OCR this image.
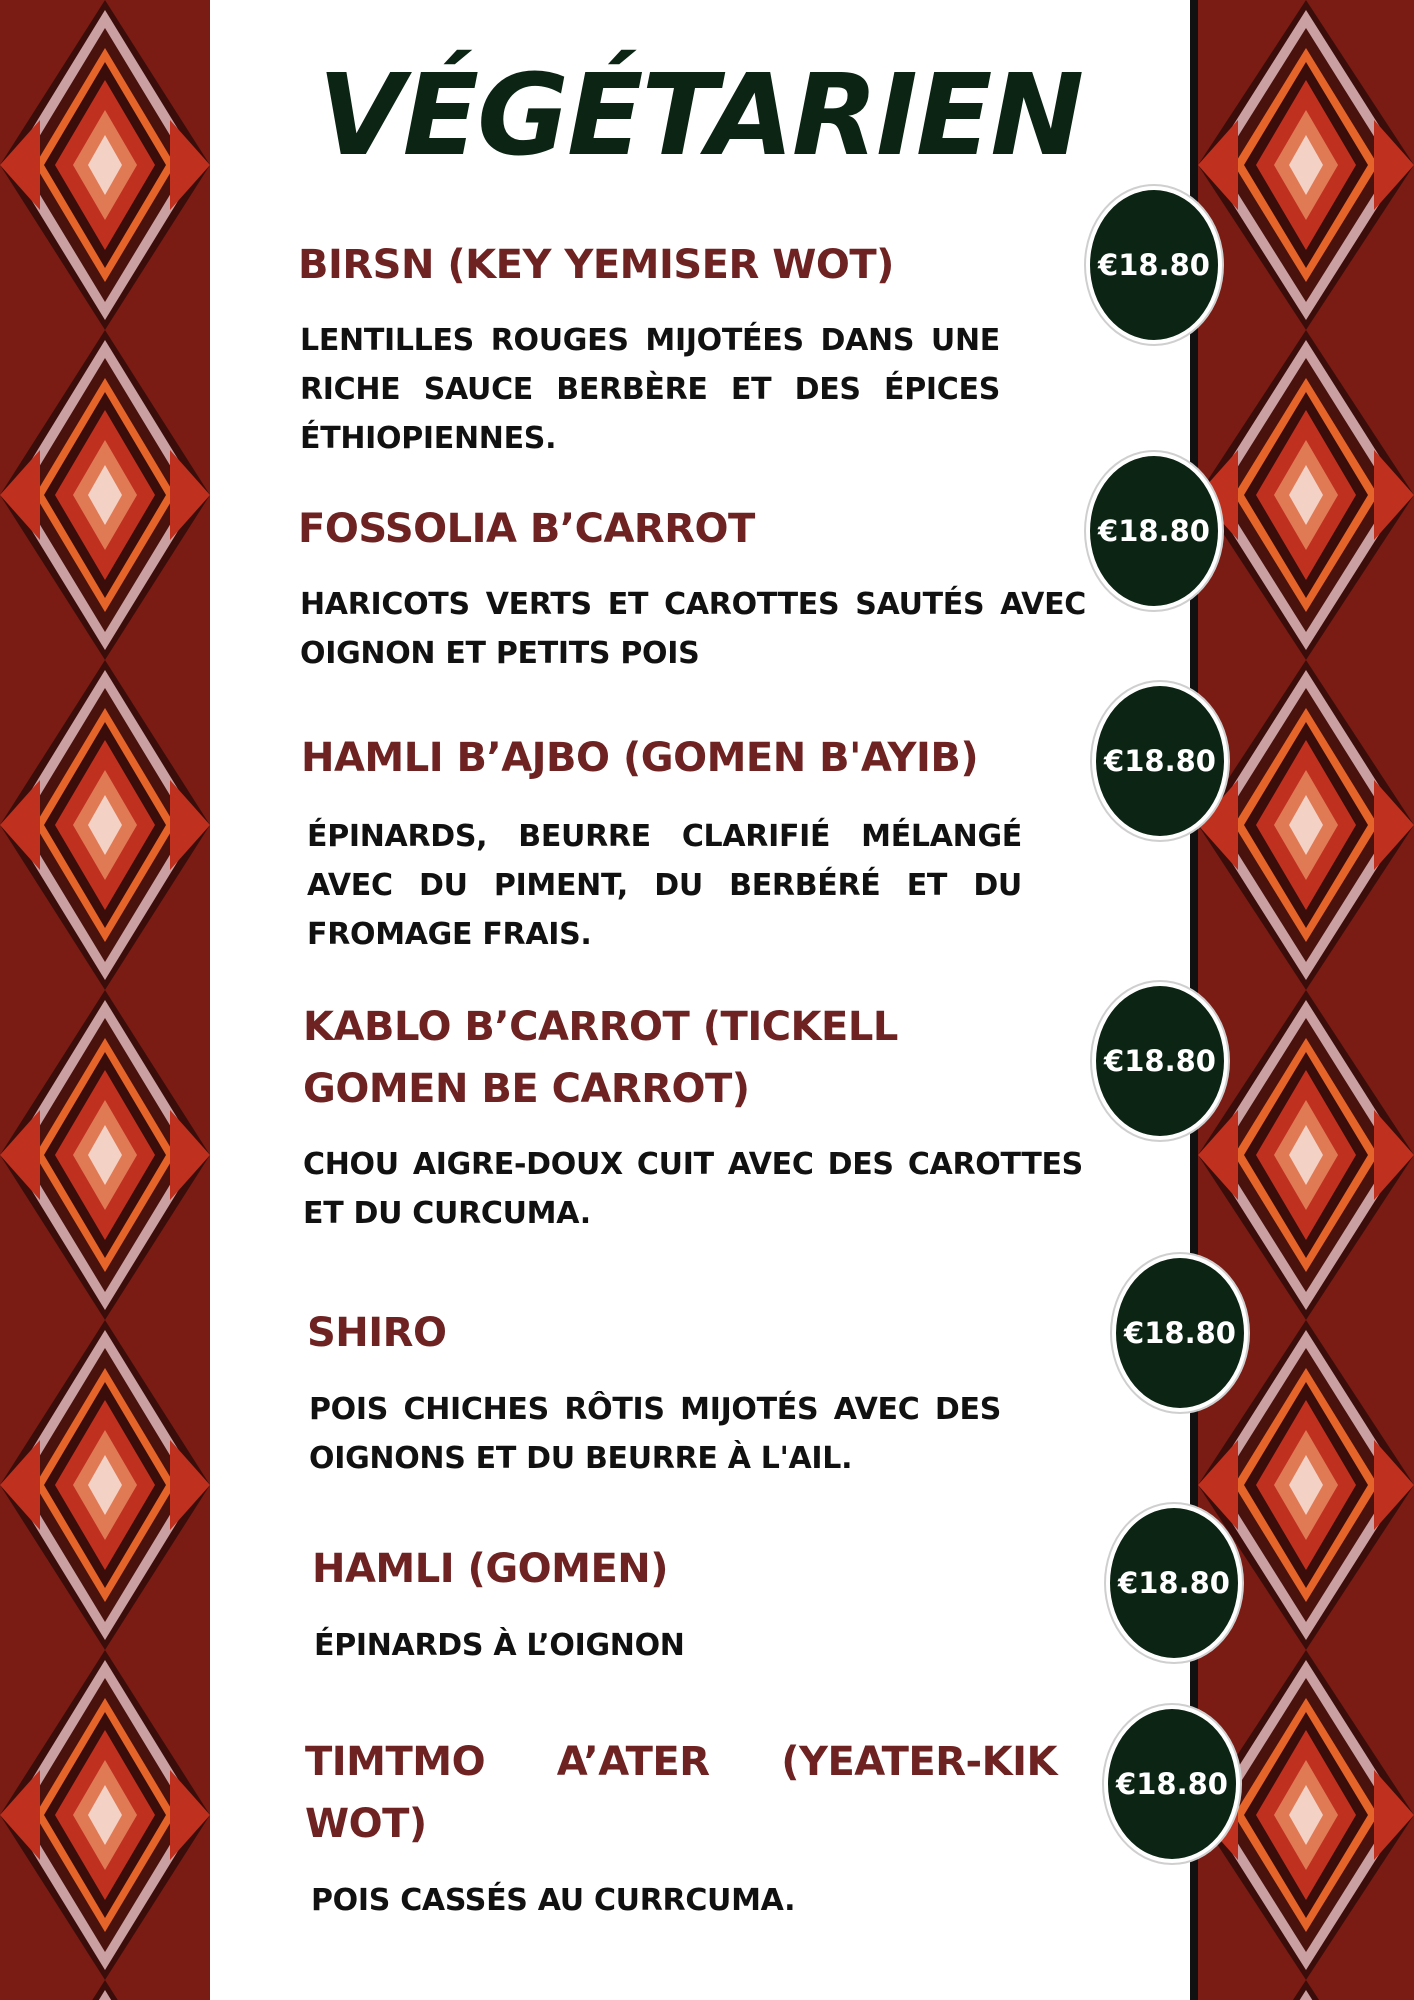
VÉGÉTARIEN
BIRSN (KEY YEMISER WOT)

LENTILLES ROUGES MIJOTÉES DANS UNE RICHE SAUCE BERBÈRE ET DES ÉPICES ÉTHIOPIENNES.

€18.80
FOSSOLIA B’CARROT

HARICOTS VERTS ET CAROTTES SAUTÉS AVEC OIGNON ET PETITS POIS

€18.80
HAMLI B’AJBO (GOMEN B'AYIB)

ÉPINARDS, BEURRE CLARIFIÉ MÉLANGÉ AVEC DU PIMENT, DU BERBÉRÉ ET DU FROMAGE FRAIS.

€18.80
KABLO B’CARROT (TICKELL GOMEN BE CARROT)

CHOU AIGRE-DOUX CUIT AVEC DES CAROTTES ET DU CURCUMA.

€18.80
SHIRO

POIS CHICHES RÔTIS MIJOTÉS AVEC DES OIGNONS ET DU BEURRE À L'AIL.

€18.80
HAMLI (GOMEN)

ÉPINARDS À L’OIGNON

€18.80
TIMTMO A’ATER (YEATER-KIK WOT)

POIS CASSÉS AU CURRCUMA.

€18.80
